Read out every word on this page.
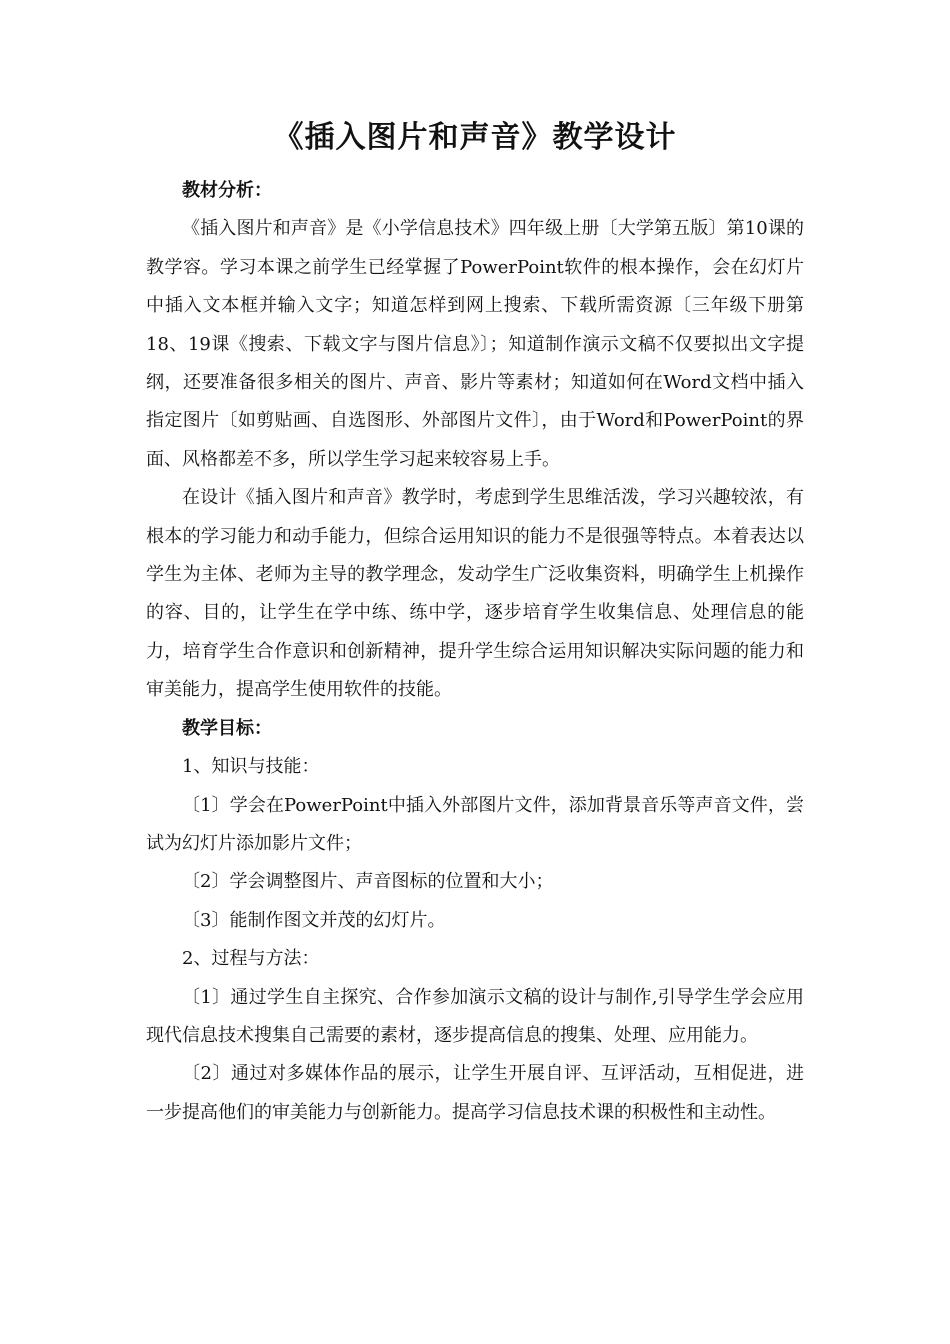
《插入图片和声音》教学设计

教材分析：

《插入图片和声音》是《小学信息技术》四年级上册〔大学第五版〕第10课的教学容。学习本课之前学生已经掌握了PowerPoint软件的根本操作，会在幻灯片中插入文本框并输入文字；知道怎样到网上搜索、下载所需资源〔三年级下册第18、19课《搜索、下载文字与图片信息》〕；知道制作演示文稿不仅要拟出文字提纲，还要准备很多相关的图片、声音、影片等素材；知道如何在Word文档中插入指定图片〔如剪贴画、自选图形、外部图片文件〕，由于Word和PowerPoint的界面、风格都差不多，所以学生学习起来较容易上手。

在设计《插入图片和声音》教学时，考虑到学生思维活泼，学习兴趣较浓，有根本的学习能力和动手能力，但综合运用知识的能力不是很强等特点。本着表达以学生为主体、老师为主导的教学理念，发动学生广泛收集资料，明确学生上机操作的容、目的，让学生在学中练、练中学，逐步培育学生收集信息、处理信息的能力，培育学生合作意识和创新精神，提升学生综合运用知识解决实际问题的能力和审美能力，提高学生使用软件的技能。

教学目标：

1、知识与技能：

〔1〕学会在PowerPoint中插入外部图片文件，添加背景音乐等声音文件，尝试为幻灯片添加影片文件；

〔2〕学会调整图片、声音图标的位置和大小；

〔3〕能制作图文并茂的幻灯片。

2、过程与方法：

〔1〕通过学生自主探究、合作参加演示文稿的设计与制作,引导学生学会应用现代信息技术搜集自己需要的素材，逐步提高信息的搜集、处理、应用能力。

〔2〕通过对多媒体作品的展示，让学生开展自评、互评活动，互相促进，进一步提高他们的审美能力与创新能力。提高学习信息技术课的积极性和主动性。
